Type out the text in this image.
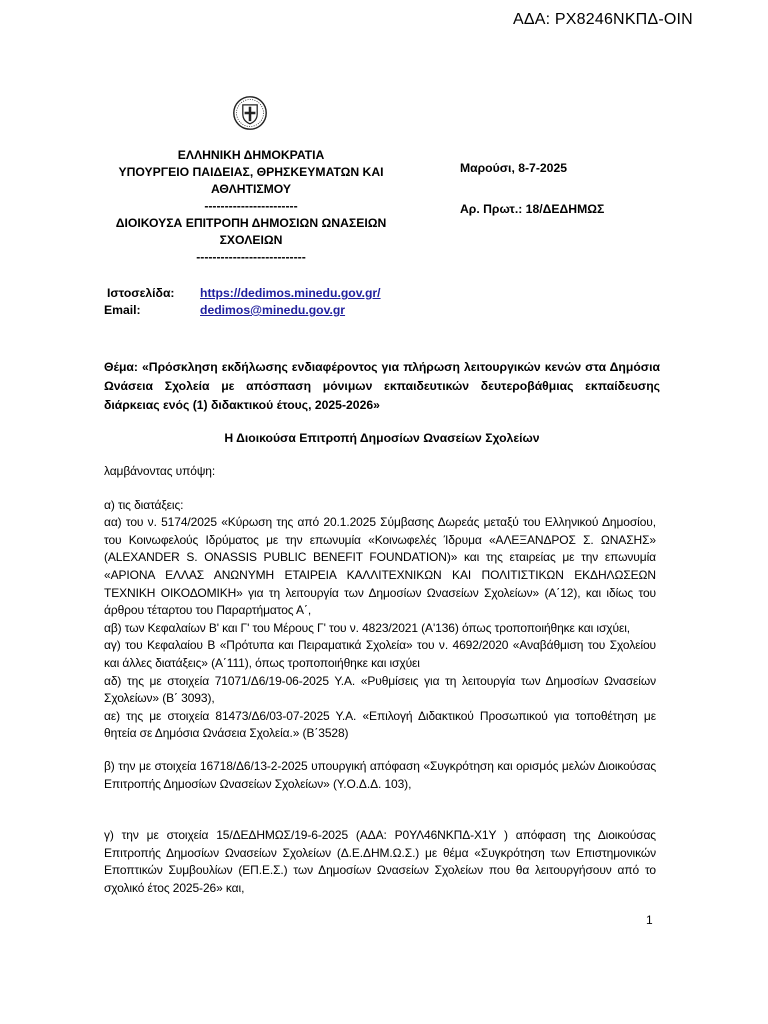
ΑΔΑ: ΡΧ8246ΝΚΠΔ-ΟΙΝ
ΕΛΛΗΝΙΚΗ ΔΗΜΟΚΡΑΤΙΑ
ΥΠΟΥΡΓΕΙΟ ΠΑΙΔΕΙΑΣ, ΘΡΗΣΚΕΥΜΑΤΩΝ ΚΑΙ ΑΘΛΗΤΙΣΜΟΥ
-----------------------
ΔΙΟΙΚΟΥΣΑ ΕΠΙΤΡΟΠΗ ΔΗΜΟΣΙΩΝ ΩΝΑΣΕΙΩΝ ΣΧΟΛΕΙΩΝ
---------------------------
Μαρούσι, 8-7-2025
Αρ. Πρωτ.: 18/ΔΕΔΗΜΩΣ
Ιστοσελίδα:	https://dedimos.minedu.gov.gr/
Email:	dedimos@minedu.gov.gr
Θέμα: «Πρόσκληση εκδήλωσης ενδιαφέροντος για πλήρωση λειτουργικών κενών στα Δημόσια Ωνάσεια Σχολεία με απόσπαση μόνιμων εκπαιδευτικών δευτεροβάθμιας εκπαίδευσης διάρκειας ενός (1) διδακτικού έτους, 2025-2026»
Η Διοικούσα Επιτροπή Δημοσίων Ωνασείων Σχολείων

λαμβάνοντας υπόψη:

α) τις διατάξεις:

αα) του ν. 5174/2025 «Κύρωση της από 20.1.2025 Σύμβασης Δωρεάς μεταξύ του Ελληνικού Δημοσίου, του Κοινωφελούς Ιδρύματος με την επωνυμία «Κοινωφελές Ίδρυμα «ΑΛΕΞΑΝΔΡΟΣ Σ. ΩΝΑΣΗΣ» (ALEXANDER S. ONASSIS PUBLIC BENEFIT FOUNDATION)» και της εταιρείας με την επωνυμία «ΑΡΙΟΝΑ ΕΛΛΑΣ ΑΝΩΝΥΜΗ ΕΤΑΙΡΕΙΑ ΚΑΛΛΙΤΕΧΝΙΚΩΝ ΚΑΙ ΠΟΛΙΤΙΣΤΙΚΩΝ ΕΚΔΗΛΩΣΕΩΝ ΤΕΧΝΙΚΗ ΟΙΚΟΔΟΜΙΚΗ» για τη λειτουργία των Δημοσίων Ωνασείων Σχολείων» (Α΄12), και ιδίως του άρθρου τέταρτου του Παραρτήματος Α΄,

αβ) των Κεφαλαίων Β' και Γ' του Μέρους Γ' του ν. 4823/2021 (Α'136) όπως τροποποιήθηκε και ισχύει,

αγ) του Κεφαλαίου Β «Πρότυπα και Πειραματικά Σχολεία» του ν. 4692/2020 «Αναβάθμιση του Σχολείου και άλλες διατάξεις» (Α΄111), όπως τροποποιήθηκε και ισχύει

αδ) της με στοιχεία 71071/Δ6/19-06-2025 Υ.Α. «Ρυθμίσεις για τη λειτουργία των Δημοσίων Ωνασείων Σχολείων» (Β΄ 3093),

αε) της με στοιχεία 81473/Δ6/03-07-2025 Υ.Α. «Επιλογή Διδακτικού Προσωπικού για τοποθέτηση με θητεία σε Δημόσια Ωνάσεια Σχολεία.» (Β΄3528)

β) την με στοιχεία 16718/Δ6/13-2-2025 υπουργική απόφαση «Συγκρότηση και ορισμός μελών Διοικούσας Επιτροπής Δημοσίων Ωνασείων Σχολείων» (Υ.Ο.Δ.Δ. 103),

γ) την με στοιχεία 15/ΔΕΔΗΜΩΣ/19-6-2025 (ΑΔΑ: Ρ0ΥΛ46ΝΚΠΔ-Χ1Υ ) απόφαση της Διοικούσας Επιτροπής Δημοσίων Ωνασείων Σχολείων (Δ.Ε.ΔΗΜ.Ω.Σ.) με θέμα «Συγκρότηση των Επιστημονικών Εποπτικών Συμβουλίων (ΕΠ.Ε.Σ.) των Δημοσίων Ωνασείων Σχολείων που θα λειτουργήσουν από το σχολικό έτος 2025-26» και,

1
